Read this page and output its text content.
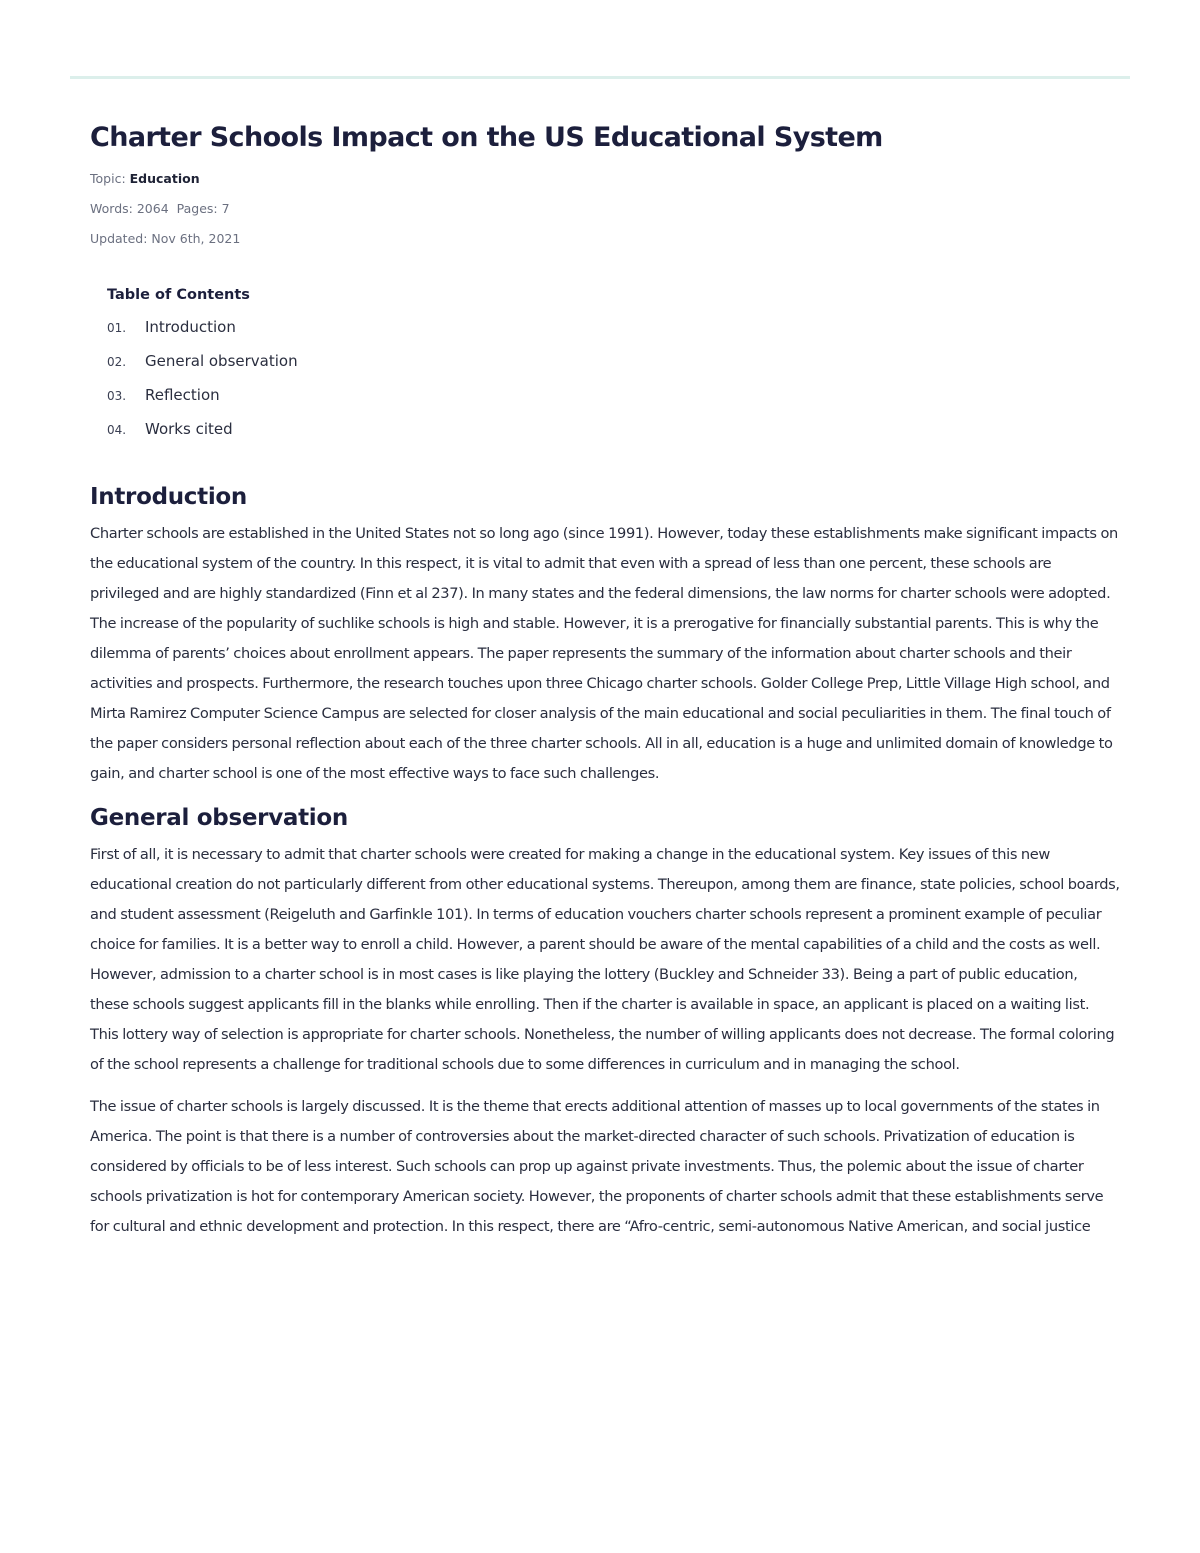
Charter Schools Impact on the US Educational System
Topic: Education
Words: 2064 Pages: 7
Updated: Nov 6th, 2021
Table of Contents
01.	Introduction
02.	General observation
03.	Reflection
04.	Works cited
Introduction

Charter schools are established in the United States not so long ago (since 1991). However, today these establishments make significant impacts on the educational system of the country. In this respect, it is vital to admit that even with a spread of less than one percent, these schools are privileged and are highly standardized (Finn et al 237). In many states and the federal dimensions, the law norms for charter schools were adopted. The increase of the popularity of suchlike schools is high and stable. However, it is a prerogative for financially substantial parents. This is why the dilemma of parents’ choices about enrollment appears. The paper represents the summary of the information about charter schools and their activities and prospects. Furthermore, the research touches upon three Chicago charter schools. Golder College Prep, Little Village High school, and Mirta Ramirez Computer Science Campus are selected for closer analysis of the main educational and social peculiarities in them. The final touch of the paper considers personal reflection about each of the three charter schools. All in all, education is a huge and unlimited domain of knowledge to gain, and charter school is one of the most effective ways to face such challenges.

General observation

First of all, it is necessary to admit that charter schools were created for making a change in the educational system. Key issues of this new educational creation do not particularly different from other educational systems. Thereupon, among them are finance, state policies, school boards, and student assessment (Reigeluth and Garfinkle 101). In terms of education vouchers charter schools represent a prominent example of peculiar choice for families. It is a better way to enroll a child. However, a parent should be aware of the mental capabilities of a child and the costs as well. However, admission to a charter school is in most cases is like playing the lottery (Buckley and Schneider 33). Being a part of public education, these schools suggest applicants fill in the blanks while enrolling. Then if the charter is available in space, an applicant is placed on a waiting list. This lottery way of selection is appropriate for charter schools. Nonetheless, the number of willing applicants does not decrease. The formal coloring of the school represents a challenge for traditional schools due to some differences in curriculum and in managing the school.

The issue of charter schools is largely discussed. It is the theme that erects additional attention of masses up to local governments of the states in America. The point is that there is a number of controversies about the market-directed character of such schools. Privatization of education is considered by officials to be of less interest. Such schools can prop up against private investments. Thus, the polemic about the issue of charter schools privatization is hot for contemporary American society. However, the proponents of charter schools admit that these establishments serve for cultural and ethnic development and protection. In this respect, there are “Afro-centric, semi-autonomous Native American, and social justice
